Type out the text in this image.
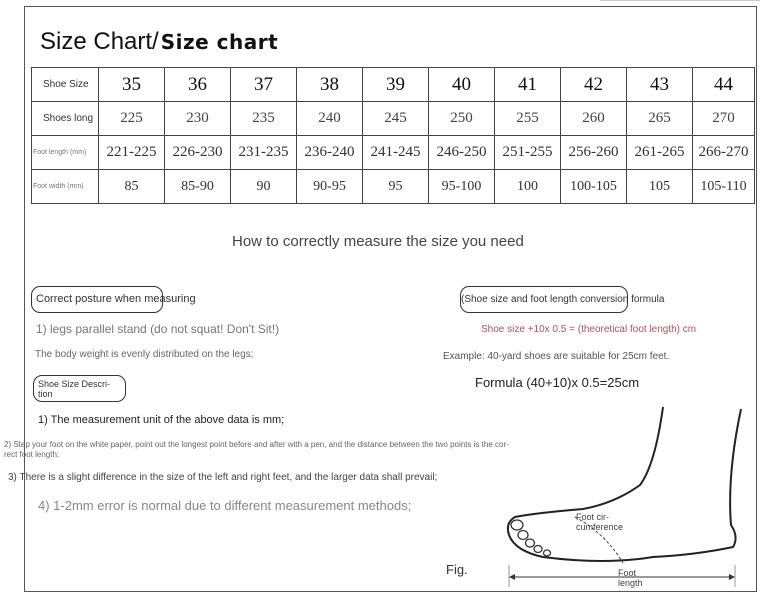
Size Chart/ Size chart
Shoe Size	35	36	37	38	39	40	41	42	43	44
Shoes long	225	230	235	240	245	250	255	260	265	270
Foot length (mm)	221-225	226-230	231-235	236-240	241-245	246-250	251-255	256-260	261-265	266-270
Foot width (mm)	85	85-90	90	90-95	95	95-100	100	100-105	105	105-110
How to correctly measure the size you need
Correct posture when measuring
1) legs parallel stand (do not squat! Don't Sit!)
The body weight is evenly distributed on the legs;
Shoe Size Descri-
tion
1) The measurement unit of the above data is mm;
2) Step your foot on the white paper, point out the longest point before and after with a pen, and the distance between the two points is the cor-
rect foot length;
3) There is a slight difference in the size of the left and right feet, and the larger data shall prevail;
4) 1-2mm error is normal due to different measurement methods;
(Shoe size and foot length conversion formula
Shoe size +10x 0.5 = (theoretical foot length) cm
Example: 40-yard shoes are suitable for 25cm feet.
Formula (40+10)x 0.5=25cm
Foot cir-
cumference
Foot
length
Fig.
